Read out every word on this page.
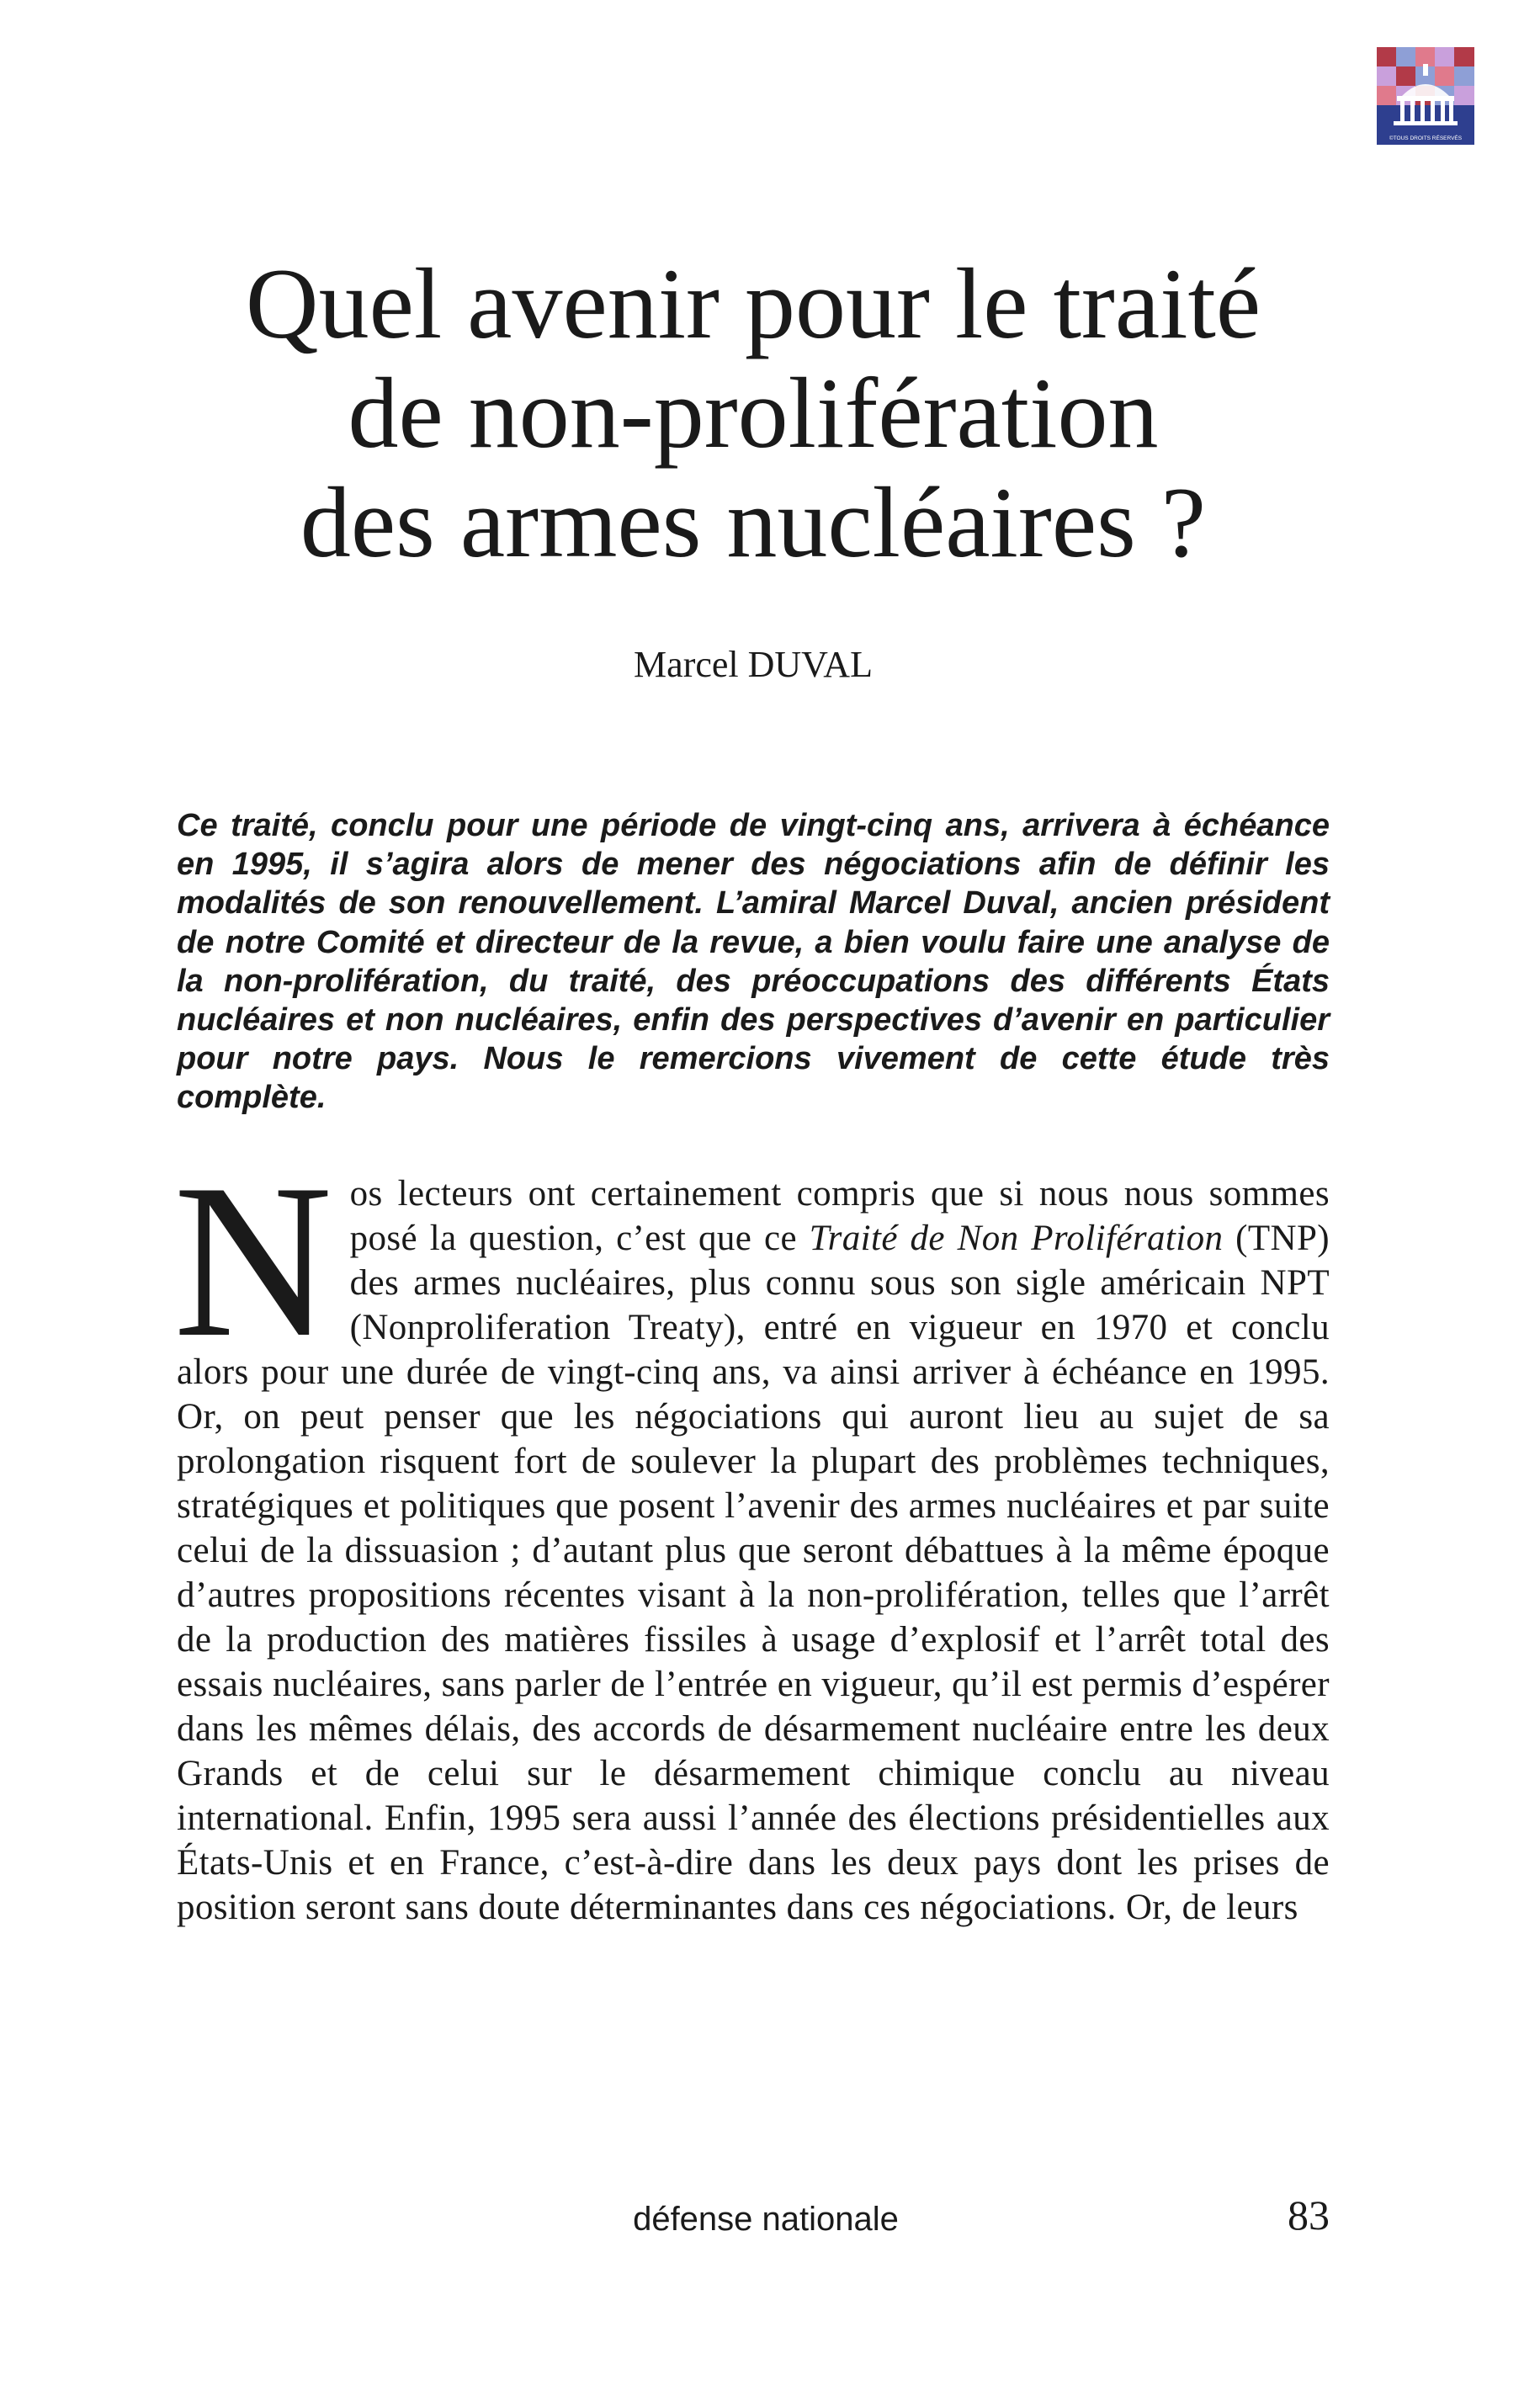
©TOUS DROITS RÉSERVÉS
Quel avenir pour le traité
de non-prolifération
des armes nucléaires ?
Marcel DUVAL

Ce traité, conclu pour une période de vingt-cinq ans, arrivera à échéance en 1995, il s’agira alors de mener des négociations afin de définir les modalités de son renouvellement. L’amiral Marcel Duval, ancien président de notre Comité et directeur de la revue, a bien voulu faire une analyse de la non-prolifération, du traité, des préoccupations des différents États nucléaires et non nucléaires, enfin des perspectives d’avenir en particulier pour notre pays. Nous le remercions vivement de cette étude très complète.

Nos lecteurs ont certainement compris que si nous nous sommes posé la question, c’est que ce Traité de Non Prolifération (TNP) des armes nucléaires, plus connu sous son sigle américain NPT (Nonproliferation Treaty), entré en vigueur en 1970 et conclu alors pour une durée de vingt-cinq ans, va ainsi arriver à échéance en 1995. Or, on peut penser que les négociations qui auront lieu au sujet de sa prolongation risquent fort de soulever la plupart des problèmes techniques, stratégiques et politiques que posent l’avenir des armes nucléaires et par suite celui de la dissuasion ; d’autant plus que seront débattues à la même époque d’autres propositions récentes visant à la non-prolifération, telles que l’arrêt de la production des matières fissiles à usage d’explosif et l’arrêt total des essais nucléaires, sans parler de l’entrée en vigueur, qu’il est permis d’espérer dans les mêmes délais, des accords de désarmement nucléaire entre les deux Grands et de celui sur le désarmement chimique conclu au niveau international. Enfin, 1995 sera aussi l’année des élections présidentielles aux États-Unis et en France, c’est-à-dire dans les deux pays dont les prises de position seront sans doute déterminantes dans ces négociations. Or, de leurs

défense nationale	83
